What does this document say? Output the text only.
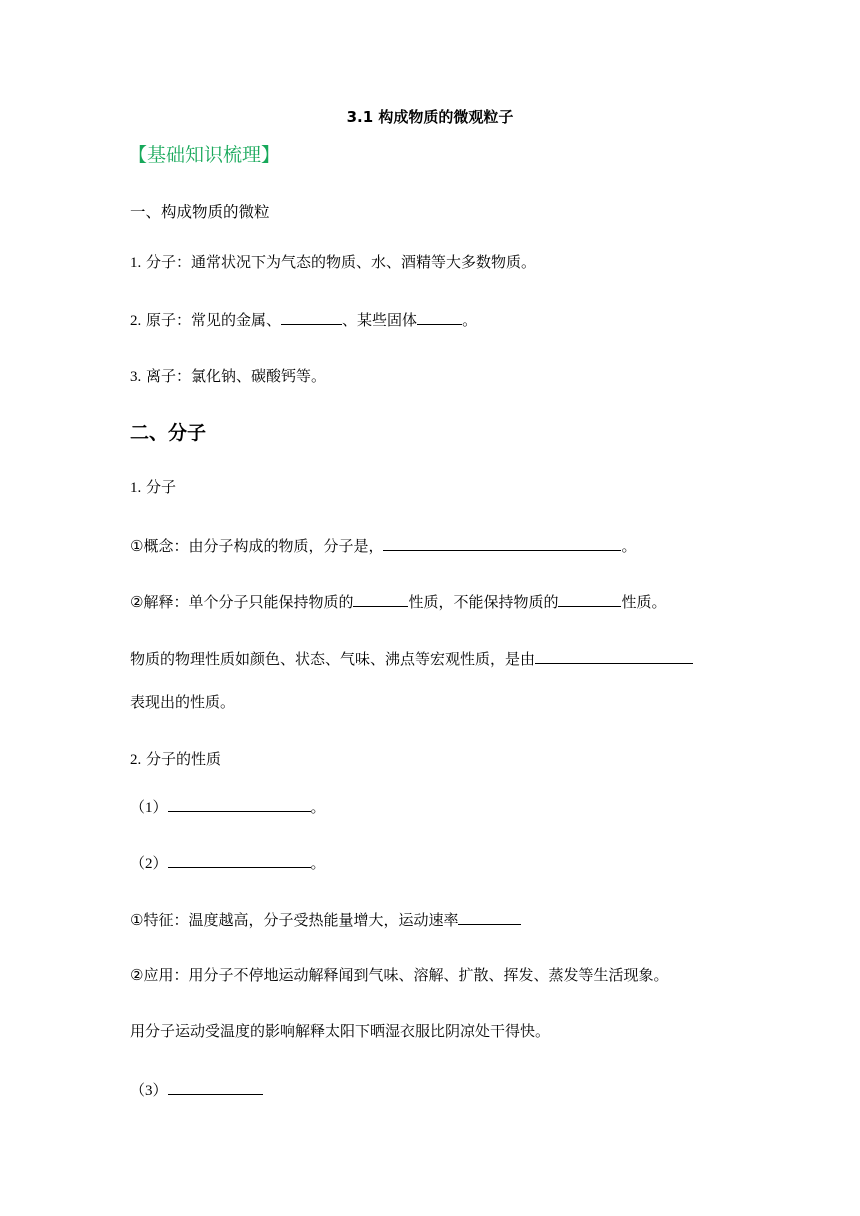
3.1 构成物质的微观粒子
【基础知识梳理】
一、构成物质的微粒
1. 分子：通常状况下为气态的物质、水、酒精等大多数物质。
2. 原子：常见的金属、	、某些固体	。
3. 离子：氯化钠、碳酸钙等。
二、分子
1. 分子
①概念：由分子构成的物质，分子是，	。
②解释：单个分子只能保持物质的	性质，不能保持物质的	性质。
物质的物理性质如颜色、状态、气味、沸点等宏观性质，是由
表现出的性质。
2. 分子的性质
（1）	。
（2）	。
①特征：温度越高，分子受热能量增大，运动速率
②应用：用分子不停地运动解释闻到气味、溶解、扩散、挥发、蒸发等生活现象。
用分子运动受温度的影响解释太阳下晒湿衣服比阴凉处干得快。
（3）
